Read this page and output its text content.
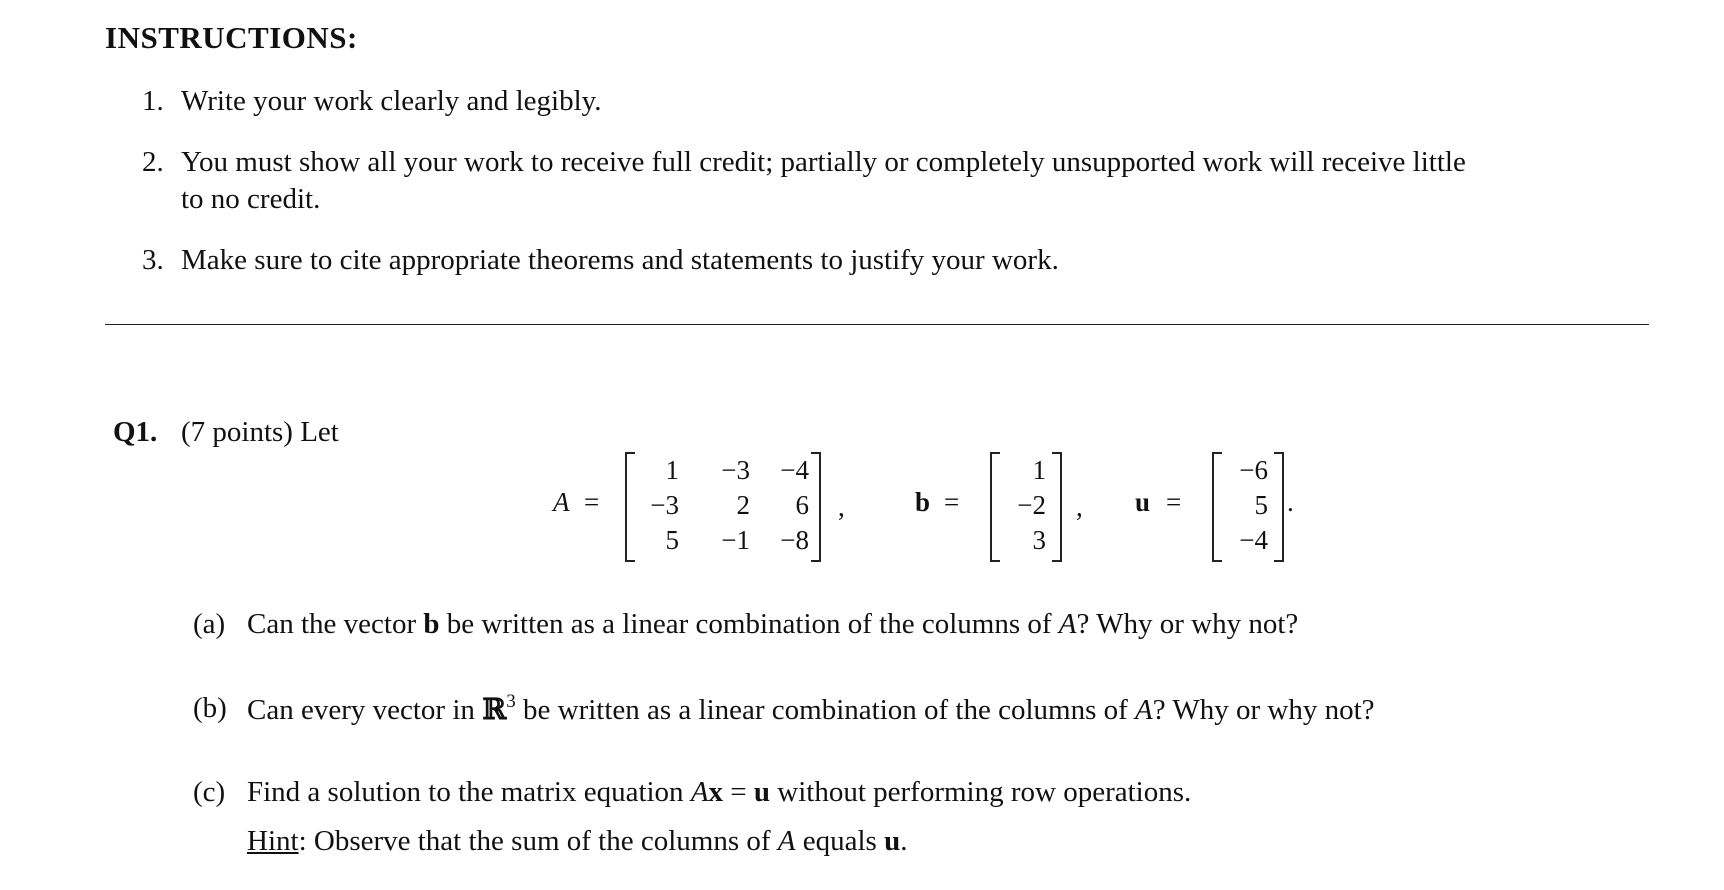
INSTRUCTIONS:
1. Write your work clearly and legibly.
2. You must show all your work to receive full credit; partially or completely unsupported work will receive little
to no credit.
3. Make sure to cite appropriate theorems and statements to justify your work.
Q1. (7 points) Let
A =
1	−3	−4
−3	2	6
5	−1	−8
,	b =
1
−2
3
, u =
−6
5
−4
.
(a) Can the vector b be written as a linear combination of the columns of A? Why or why not?
(b) Can every vector in ℝ$^3$ be written as a linear combination of the columns of A? Why or why not?
(c) Find a solution to the matrix equation Ax = u without performing row operations.
Hint: Observe that the sum of the columns of A equals u.
